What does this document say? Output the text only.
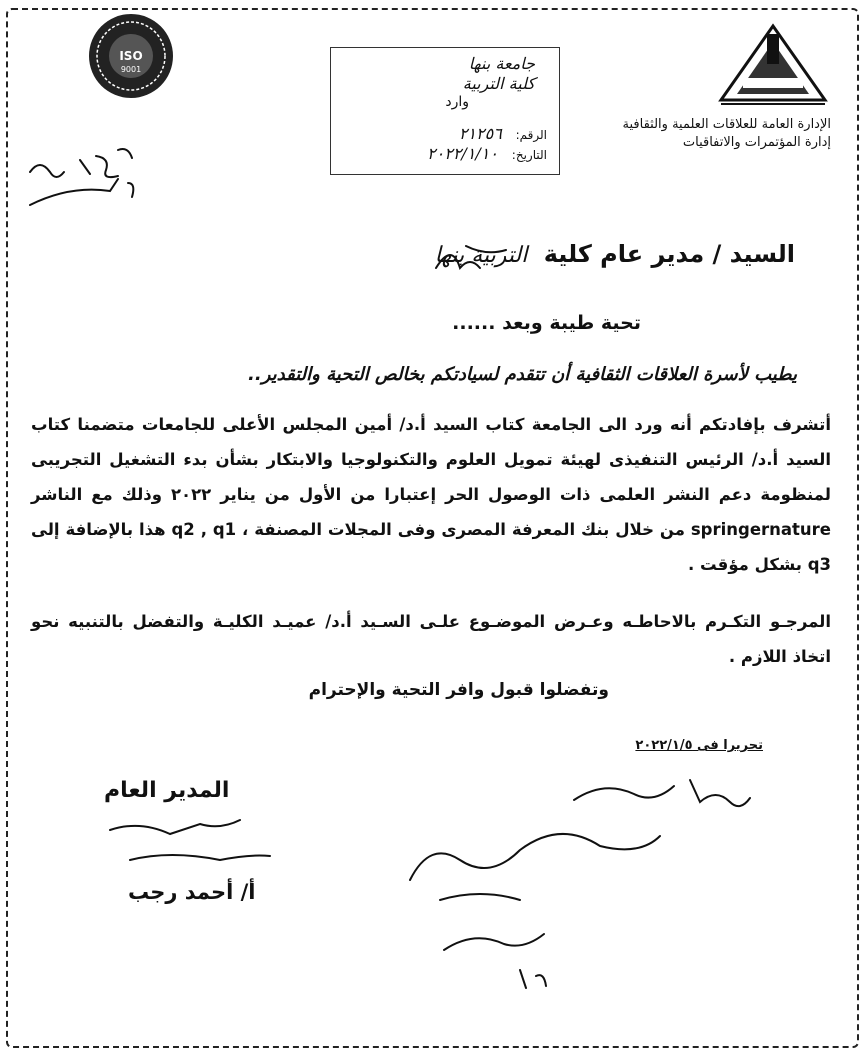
ISO
9001
الإدارة العامة للعلاقات العلمية والثقافية
إدارة المؤتمرات والاتفاقيات
جامعة بنها
كلية التربية
وارد
الرقم: ٢١٢٥٦
التاريخ: ٢٠٢٢/١/١٠
السيد / مدير عام كلية التربية بنها
تحية طيبة وبعد ......
يطيب لأسرة العلاقات الثقافية أن تتقدم لسيادتكم بخالص التحية والتقدير..
أتشرف بإفادتكم أنه ورد الى الجامعة كتاب السيد أ.د/ أمين المجلس الأعلى للجامعات متضمنا كتاب السيد أ.د/ الرئيس التنفيذى لهيئة تمويل العلوم والتكنولوجيا والابتكار بشأن بدء التشغيل التجريبى لمنظومة دعم النشر العلمى ذات الوصول الحر إعتبارا من الأول من يناير ٢٠٢٢ وذلك مع الناشر springernature من خلال بنك المعرفة المصرى وفى المجلات المصنفة ، q2 , q1 هذا بالإضافة إلى q3 بشكل مؤقت .
المرجـو التكـرم بالاحاطـه وعـرض الموضـوع علـى السـيد أ.د/ عميـد الكليـة والتفضل بالتنبيه نحو اتخاذ اللازم .
وتفضلوا قبول وافر التحية والإحترام
تحريرا فى ٢٠٢٢/١/٥
المدير العام
أ/ أحمد رجب
